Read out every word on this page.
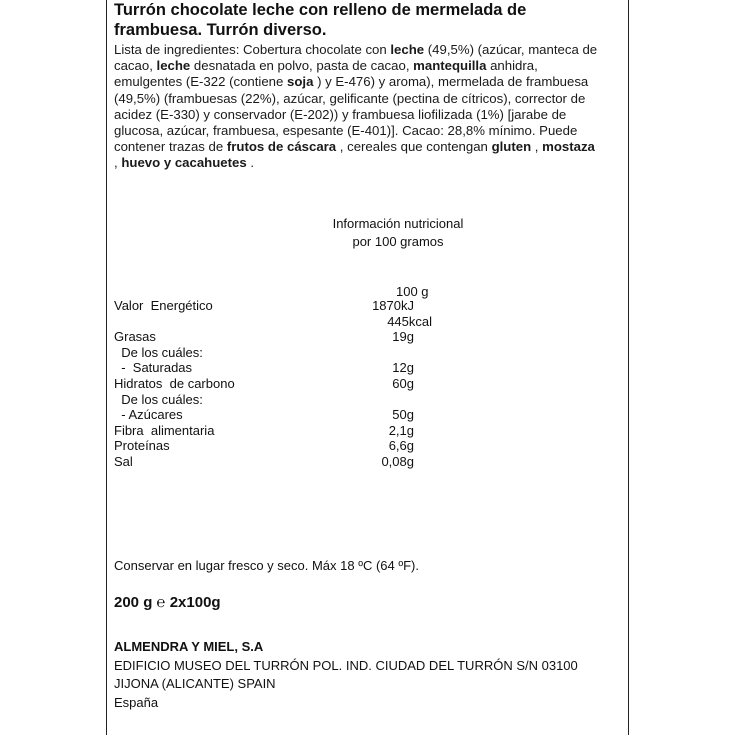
Turrón chocolate leche con relleno de mermelada de
frambuesa. Turrón diverso.
Lista de ingredientes: Cobertura chocolate con leche (49,5%) (azúcar, manteca de
cacao, leche desnatada en polvo, pasta de cacao, mantequilla anhidra,
emulgentes (E-322 (contiene soja ) y E-476) y aroma), mermelada de frambuesa
(49,5%) (frambuesas (22%), azúcar, gelificante (pectina de cítricos), corrector de
acidez (E-330) y conservador (E-202)) y frambuesa liofilizada (1%) [jarabe de
glucosa, azúcar, frambuesa, espesante (E-401)]. Cacao: 28,8% mínimo. Puede
contener trazas de frutos de cáscara , cereales que contengan gluten , mostaza
, huevo y cacahuetes .
Información nutricional
por 100 gramos
100 g
Valor  Energético	1870kJ
445kcal
Grasas	19g
De los cuáles:
-  Saturadas	12g
Hidratos  de carbono	60g
De los cuáles:
- Azúcares	50g
Fibra  alimentaria	2,1g
Proteínas	6,6g
Sal	0,08g
Conservar en lugar fresco y seco. Máx 18 ºC (64 ºF).
200 g ℮ 2x100g
ALMENDRA Y MIEL, S.A
EDIFICIO MUSEO DEL TURRÓN POL. IND. CIUDAD DEL TURRÓN S/N 03100
JIJONA (ALICANTE) SPAIN
España
